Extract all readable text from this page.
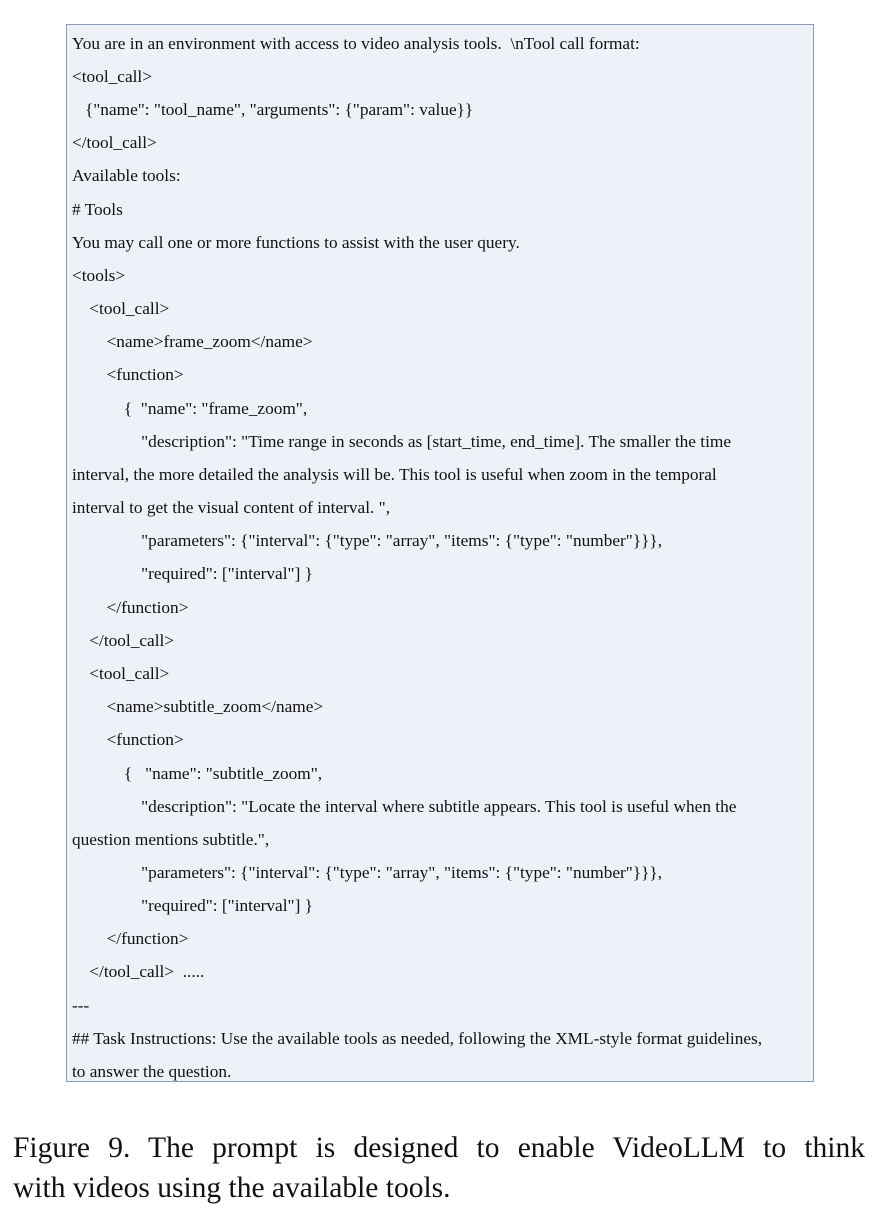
You are in an environment with access to video analysis tools.  \nTool call format:
<tool_call>
{"name": "tool_name", "arguments": {"param": value}}
</tool_call>
Available tools:
# Tools
You may call one or more functions to assist with the user query.
<tools>
<tool_call>
<name>frame_zoom</name>
<function>
{  "name": "frame_zoom",
"description": "Time range in seconds as [start_time, end_time]. The smaller the time
interval, the more detailed the analysis will be. This tool is useful when zoom in the temporal
interval to get the visual content of interval. ",
"parameters": {"interval": {"type": "array", "items": {"type": "number"}}},
"required": ["interval"] }
</function>
</tool_call>
<tool_call>
<name>subtitle_zoom</name>
<function>
{   "name": "subtitle_zoom",
"description": "Locate the interval where subtitle appears. This tool is useful when the
question mentions subtitle.",
"parameters": {"interval": {"type": "array", "items": {"type": "number"}}},
"required": ["interval"] }
</function>
</tool_call>  .....
---
## Task Instructions: Use the available tools as needed, following the XML-style format guidelines,
to answer the question.
Figure 9. The prompt is designed to enable VideoLLM to think
with videos using the available tools.
